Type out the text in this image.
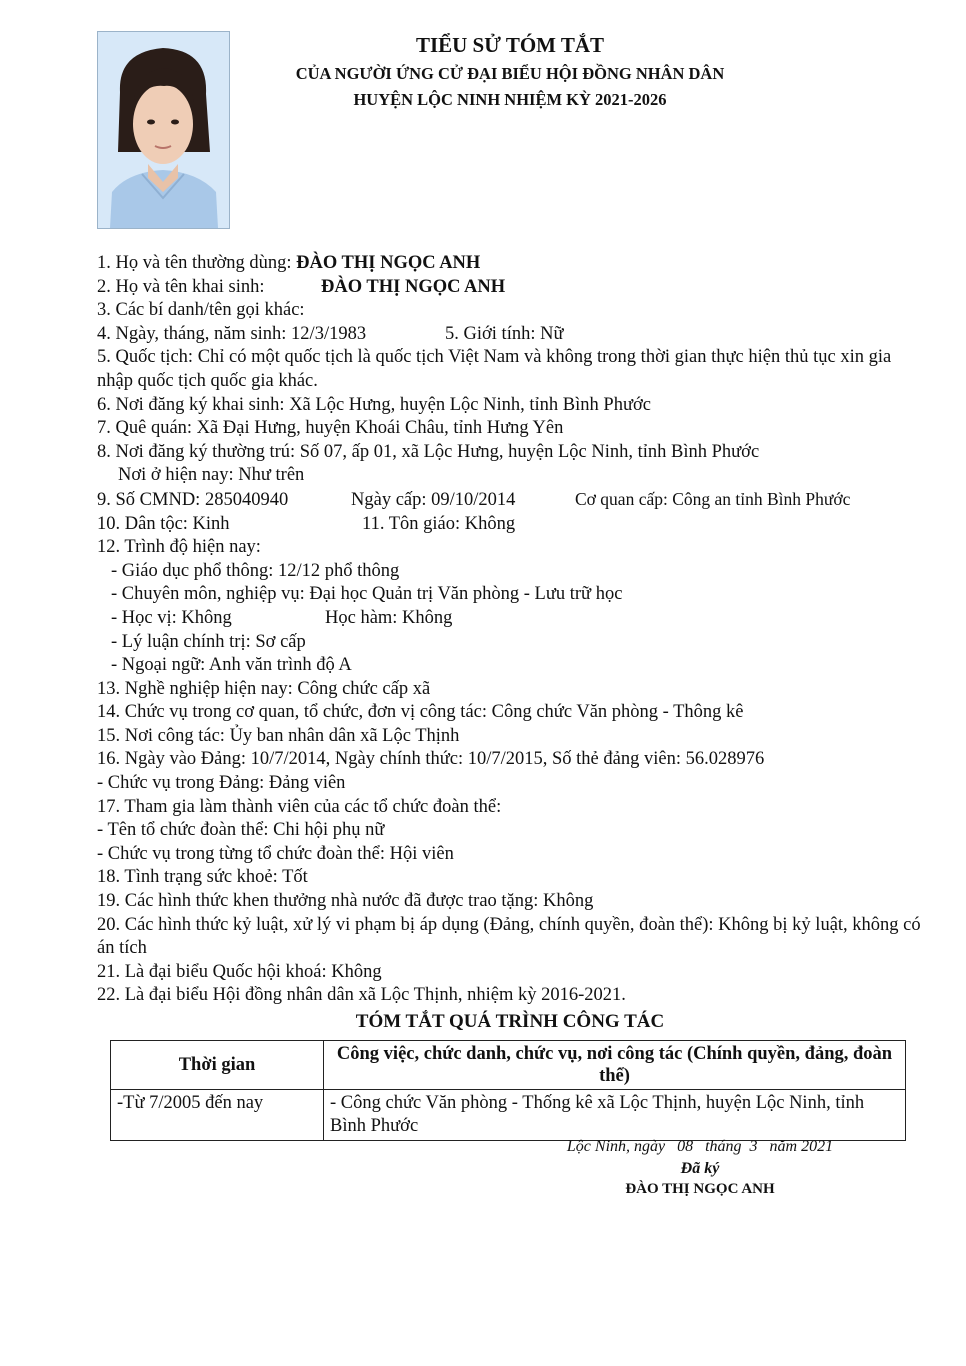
TIỂU SỬ TÓM TẮT
CỦA NGƯỜI ỨNG CỬ ĐẠI BIỂU HỘI ĐỒNG NHÂN DÂN
HUYỆN LỘC NINH NHIỆM KỲ 2021-2026
1. Họ và tên thường dùng: ĐÀO THỊ NGỌC ANH
2. Họ và tên khai sinh:	ĐÀO THỊ NGỌC ANH
3. Các bí danh/tên gọi khác:
4. Ngày, tháng, năm sinh: 12/3/1983	5. Giới tính: Nữ
5. Quốc tịch: Chỉ có một quốc tịch là quốc tịch Việt Nam và không trong thời gian thực hiện thủ tục xin gia nhập quốc tịch quốc gia khác.
6. Nơi đăng ký khai sinh: Xã Lộc Hưng, huyện Lộc Ninh, tỉnh Bình Phước
7. Quê quán: Xã Đại Hưng, huyện Khoái Châu, tỉnh Hưng Yên
8. Nơi đăng ký thường trú: Số 07, ấp 01, xã Lộc Hưng, huyện Lộc Ninh, tỉnh Bình Phước
Nơi ở hiện nay: Như trên
9. Số CMND: 285040940	Ngày cấp: 09/10/2014	Cơ quan cấp: Công an tỉnh Bình Phước
10. Dân tộc: Kinh	11. Tôn giáo: Không
12. Trình độ hiện nay:
- Giáo dục phổ thông: 12/12 phổ thông
- Chuyên môn, nghiệp vụ: Đại học Quản trị Văn phòng - Lưu trữ học
- Học vị: Không	Học hàm: Không
- Lý luận chính trị: Sơ cấp
- Ngoại ngữ: Anh văn trình độ A
13. Nghề nghiệp hiện nay: Công chức cấp xã
14. Chức vụ trong cơ quan, tổ chức, đơn vị công tác: Công chức Văn phòng - Thông kê
15. Nơi công tác: Ủy ban nhân dân xã Lộc Thịnh
16. Ngày vào Đảng: 10/7/2014, Ngày chính thức: 10/7/2015, Số thẻ đảng viên: 56.028976
- Chức vụ trong Đảng: Đảng viên
17. Tham gia làm thành viên của các tổ chức đoàn thể:
- Tên tổ chức đoàn thể: Chi hội phụ nữ
- Chức vụ trong từng tổ chức đoàn thể: Hội viên
18. Tình trạng sức khoẻ: Tốt
19. Các hình thức khen thưởng nhà nước đã được trao tặng: Không
20. Các hình thức kỷ luật, xử lý vi phạm bị áp dụng (Đảng, chính quyền, đoàn thể): Không bị kỷ luật, không có án tích
21. Là đại biểu Quốc hội khoá: Không
22. Là đại biểu Hội đồng nhân dân xã Lộc Thịnh, nhiệm kỳ 2016-2021.
TÓM TẮT QUÁ TRÌNH CÔNG TÁC
Thời gian	Công việc, chức danh, chức vụ, nơi công tác (Chính quyền, đảng, đoàn thể)
-Từ 7/2005 đến nay	- Công chức Văn phòng - Thống kê xã Lộc Thịnh, huyện Lộc Ninh, tỉnh Bình Phước
Lộc Ninh, ngày   08   tháng  3   năm 2021
Đã ký
ĐÀO THỊ NGỌC ANH
